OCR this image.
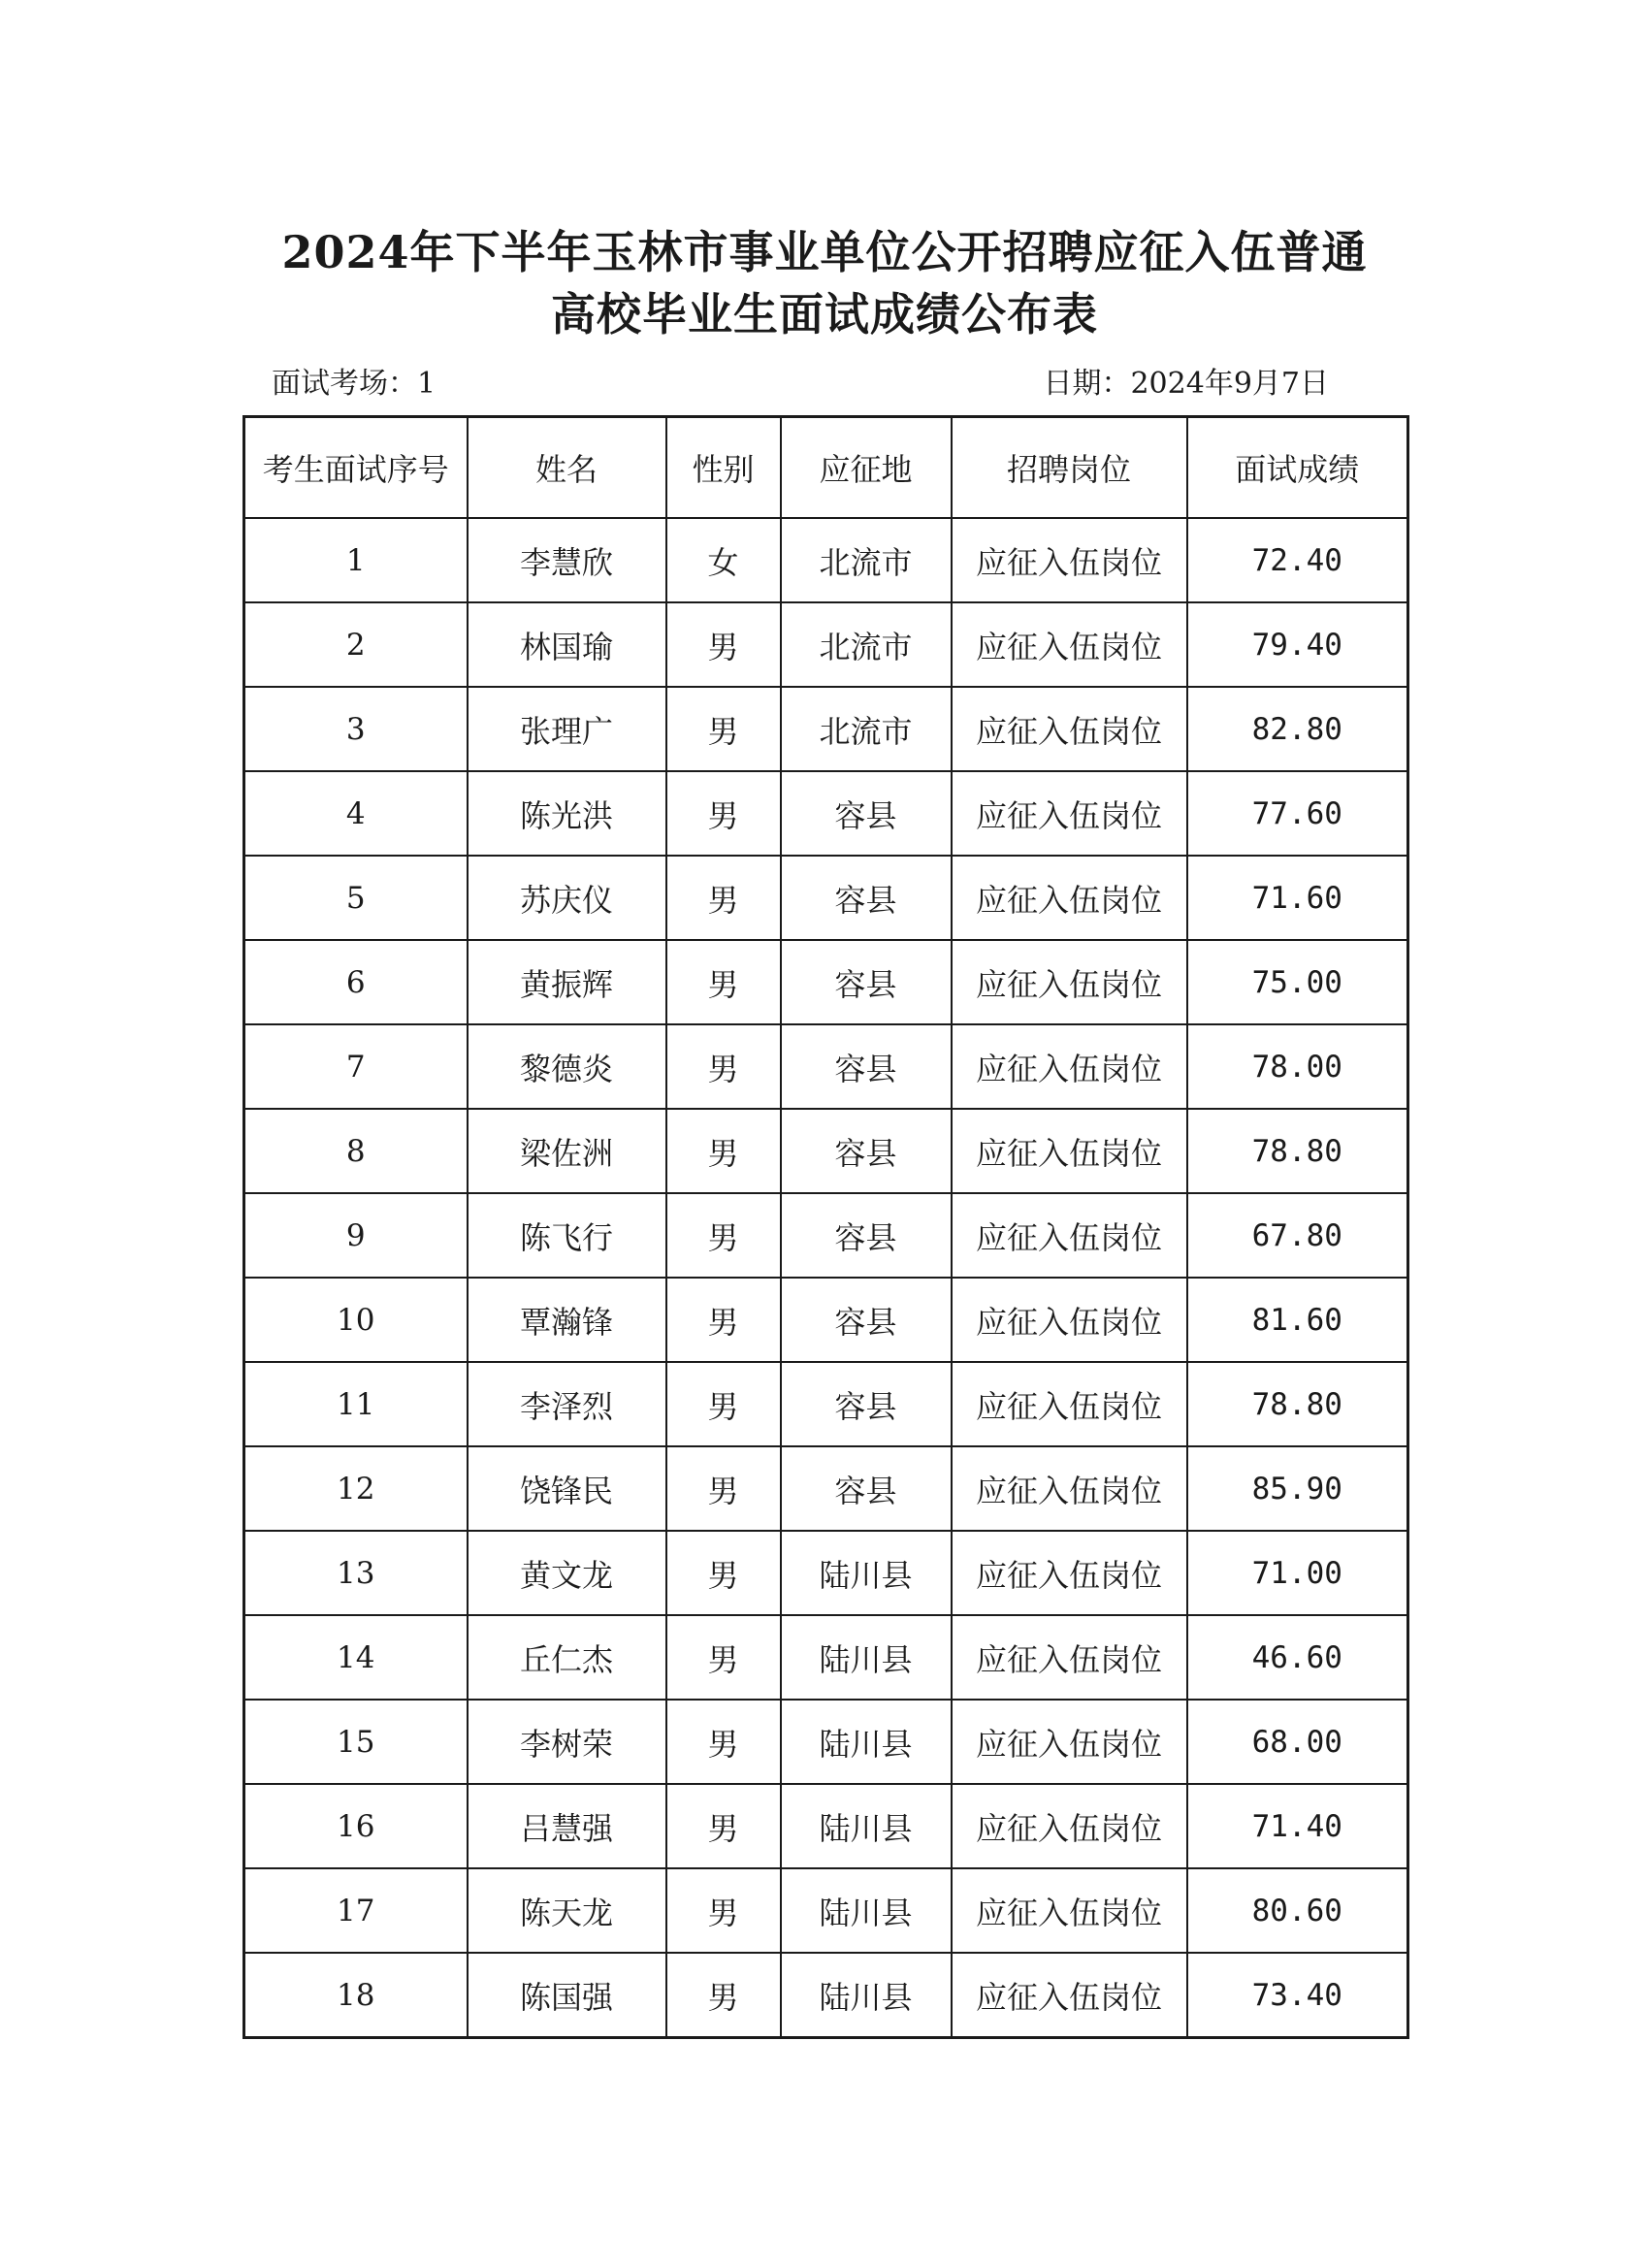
2024年下半年玉林市事业单位公开招聘应征入伍普通
高校毕业生面试成绩公布表
面试考场：1	日期：2024年9月7日
考生面试序号	姓名	性别	应征地	招聘岗位	面试成绩
1	李慧欣	女	北流市	应征入伍岗位	72.40
2	林国瑜	男	北流市	应征入伍岗位	79.40
3	张理广	男	北流市	应征入伍岗位	82.80
4	陈光洪	男	容县	应征入伍岗位	77.60
5	苏庆仪	男	容县	应征入伍岗位	71.60
6	黄振辉	男	容县	应征入伍岗位	75.00
7	黎德炎	男	容县	应征入伍岗位	78.00
8	梁佐洲	男	容县	应征入伍岗位	78.80
9	陈飞行	男	容县	应征入伍岗位	67.80
10	覃瀚锋	男	容县	应征入伍岗位	81.60
11	李泽烈	男	容县	应征入伍岗位	78.80
12	饶锋民	男	容县	应征入伍岗位	85.90
13	黄文龙	男	陆川县	应征入伍岗位	71.00
14	丘仁杰	男	陆川县	应征入伍岗位	46.60
15	李树荣	男	陆川县	应征入伍岗位	68.00
16	吕慧强	男	陆川县	应征入伍岗位	71.40
17	陈天龙	男	陆川县	应征入伍岗位	80.60
18	陈国强	男	陆川县	应征入伍岗位	73.40
